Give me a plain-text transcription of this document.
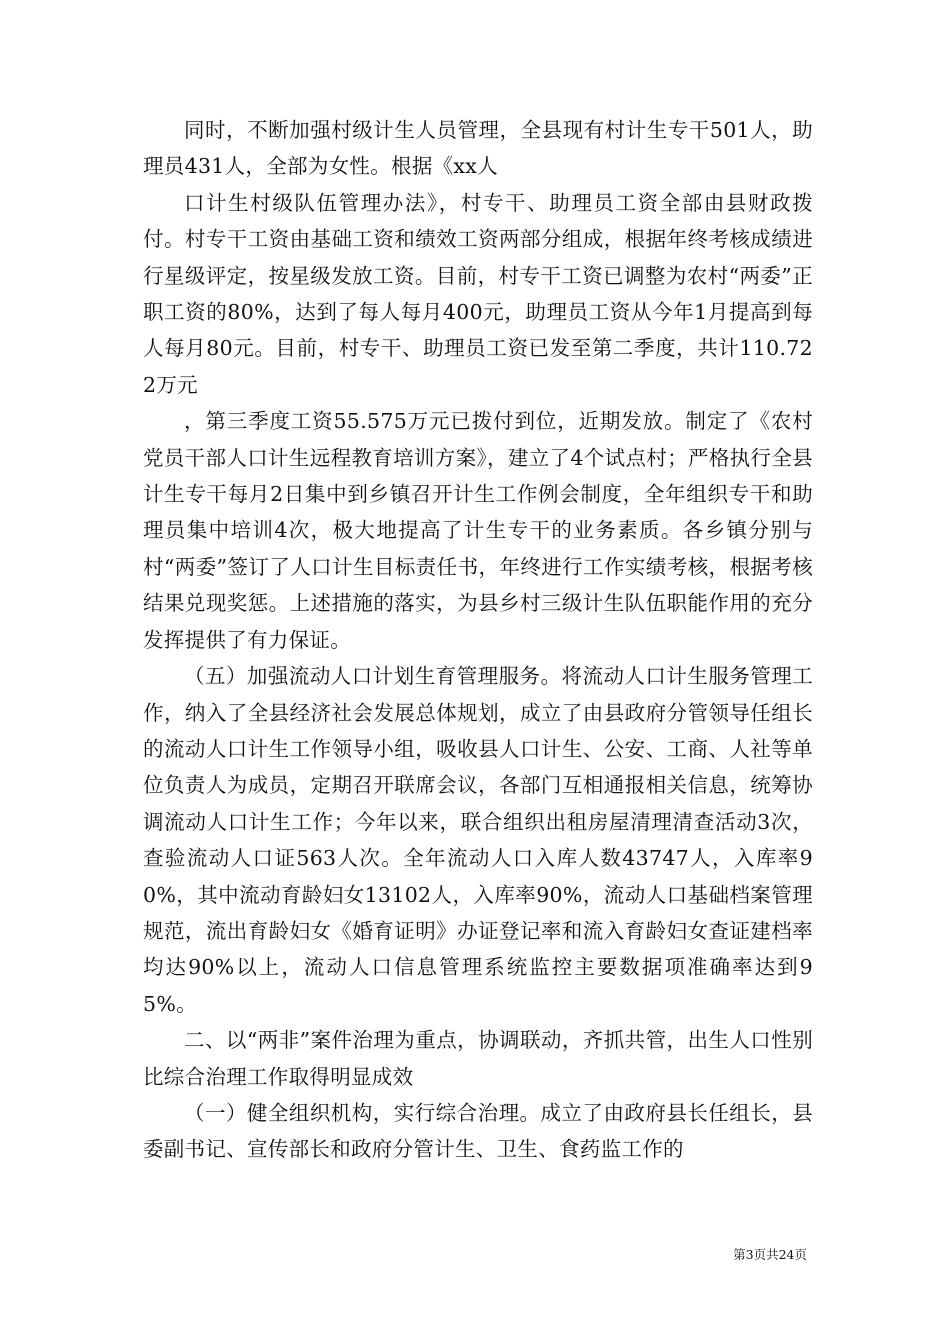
同时，不断加强村级计生人员管理，全县现有村计生专干501人，助理员431人，全部为女性。根据《xx人

口计生村级队伍管理办法》，村专干、助理员工资全部由县财政拨付。村专干工资由基础工资和绩效工资两部分组成，根据年终考核成绩进行星级评定，按星级发放工资。目前，村专干工资已调整为农村“两委”正职工资的80%，达到了每人每月400元，助理员工资从今年1月提高到每人每月80元。目前，村专干、助理员工资已发至第二季度，共计110.722万元

，第三季度工资55.575万元已拨付到位，近期发放。制定了《农村党员干部人口计生远程教育培训方案》，建立了4个试点村；严格执行全县计生专干每月2日集中到乡镇召开计生工作例会制度，全年组织专干和助理员集中培训4次，极大地提高了计生专干的业务素质。各乡镇分别与村“两委”签订了人口计生目标责任书，年终进行工作实绩考核，根据考核结果兑现奖惩。上述措施的落实，为县乡村三级计生队伍职能作用的充分发挥提供了有力保证。

（五）加强流动人口计划生育管理服务。将流动人口计生服务管理工作，纳入了全县经济社会发展总体规划，成立了由县政府分管领导任组长的流动人口计生工作领导小组，吸收县人口计生、公安、工商、人社等单位负责人为成员，定期召开联席会议，各部门互相通报相关信息，统筹协调流动人口计生工作；今年以来，联合组织出租房屋清理清查活动3次，查验流动人口证563人次。全年流动人口入库人数43747人，入库率90%，其中流动育龄妇女13102人，入库率90%，流动人口基础档案管理规范，流出育龄妇女《婚育证明》办证登记率和流入育龄妇女查证建档率均达90%以上，流动人口信息管理系统监控主要数据项准确率达到95%。

二、以“两非”案件治理为重点，协调联动，齐抓共管，出生人口性别比综合治理工作取得明显成效

（一）健全组织机构，实行综合治理。成立了由政府县长任组长，县委副书记、宣传部长和政府分管计生、卫生、食药监工作的

第3页共24页
